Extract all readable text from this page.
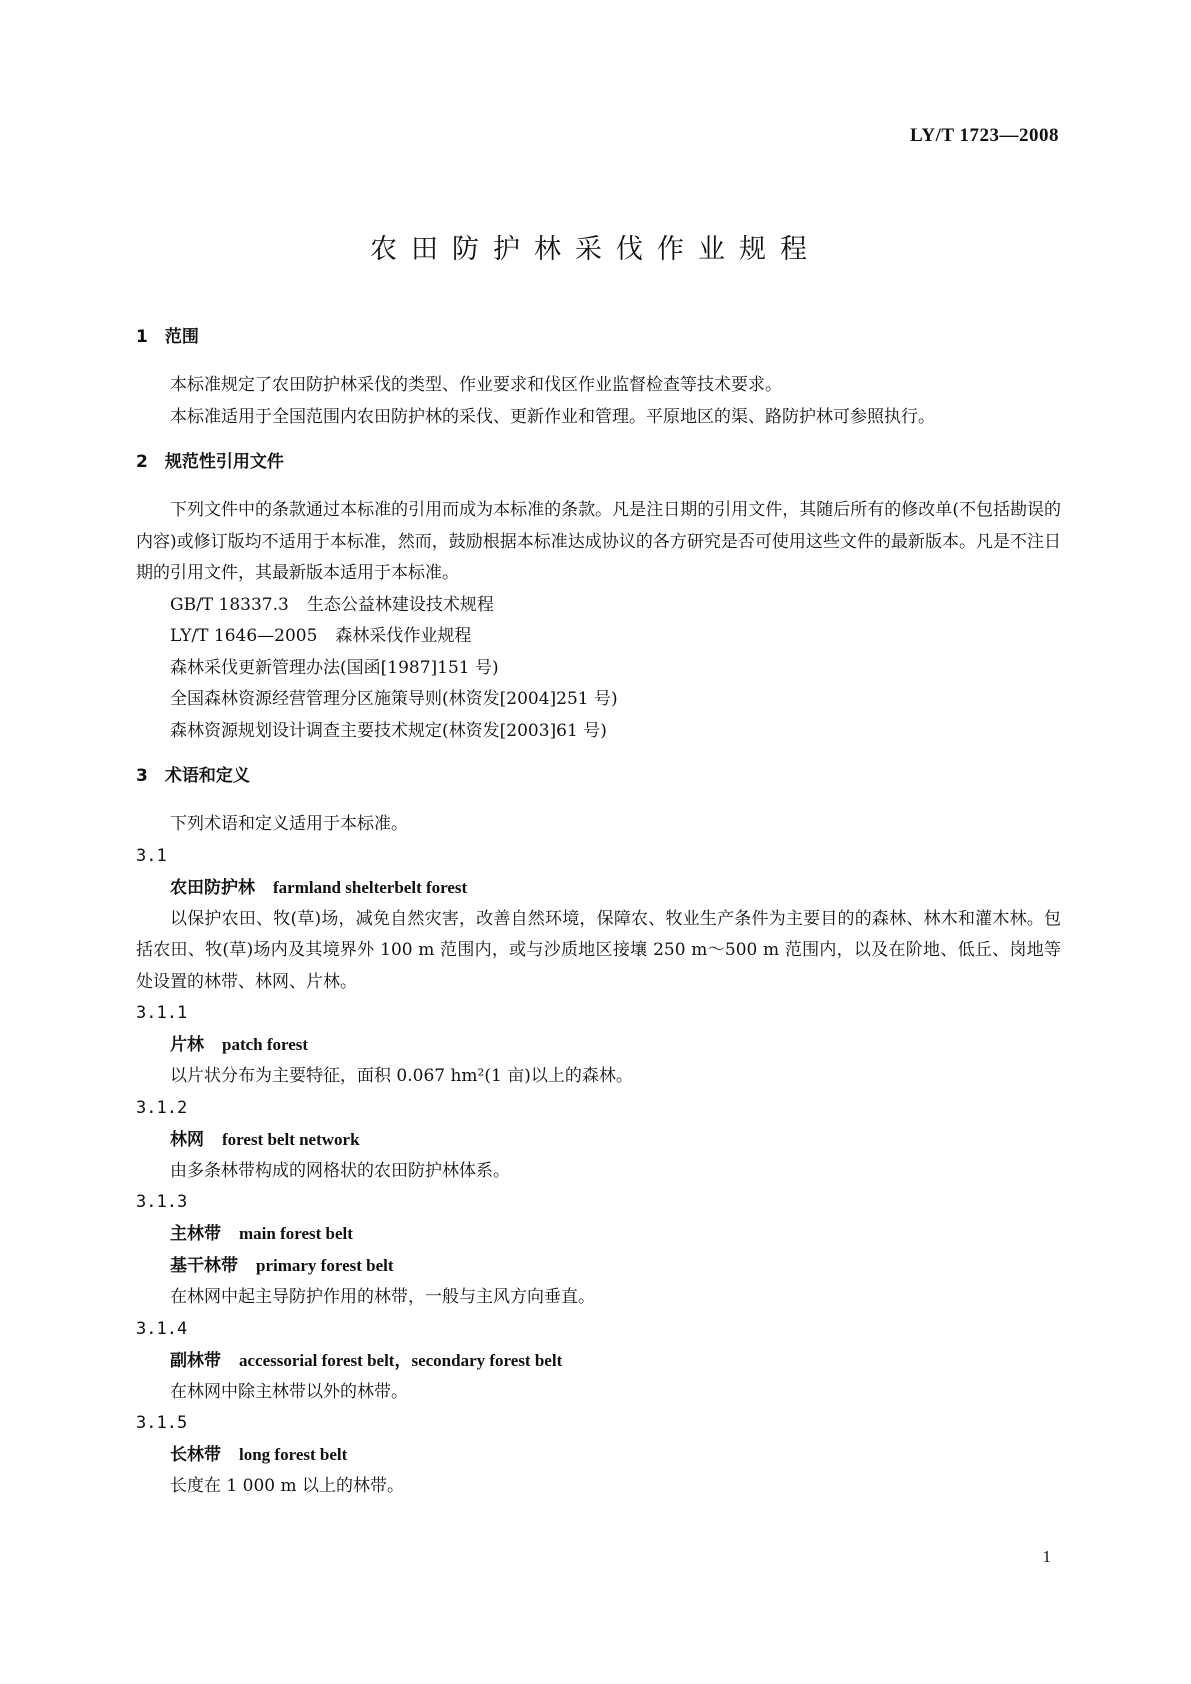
LY/T 1723—2008
农田防护林采伐作业规程
1　范围
本标准规定了农田防护林采伐的类型、作业要求和伐区作业监督检查等技术要求。
本标准适用于全国范围内农田防护林的采伐、更新作业和管理。平原地区的渠、路防护林可参照执行。
2　规范性引用文件
下列文件中的条款通过本标准的引用而成为本标准的条款。凡是注日期的引用文件，其随后所有的修改单(不包括勘误的内容)或修订版均不适用于本标准，然而，鼓励根据本标准达成协议的各方研究是否可使用这些文件的最新版本。凡是不注日期的引用文件，其最新版本适用于本标准。
GB/T 18337.3 生态公益林建设技术规程
LY/T 1646—2005 森林采伐作业规程
森林采伐更新管理办法(国函[1987]151 号)
全国森林资源经营管理分区施策导则(林资发[2004]251 号)
森林资源规划设计调查主要技术规定(林资发[2003]61 号)
3　术语和定义
下列术语和定义适用于本标准。
3.1
农田防护林 farmland shelterbelt forest
以保护农田、牧(草)场，减免自然灾害，改善自然环境，保障农、牧业生产条件为主要目的的森林、林木和灌木林。包括农田、牧(草)场内及其境界外 100 m 范围内，或与沙质地区接壤 250 m～500 m 范围内，以及在阶地、低丘、岗地等处设置的林带、林网、片林。
3.1.1
片林 patch forest
以片状分布为主要特征，面积 0.067 hm²(1 亩)以上的森林。
3.1.2
林网 forest belt network
由多条林带构成的网格状的农田防护林体系。
3.1.3
主林带 main forest belt
基干林带 primary forest belt
在林网中起主导防护作用的林带，一般与主风方向垂直。
3.1.4
副林带 accessorial forest belt，secondary forest belt
在林网中除主林带以外的林带。
3.1.5
长林带 long forest belt
长度在 1 000 m 以上的林带。
1
